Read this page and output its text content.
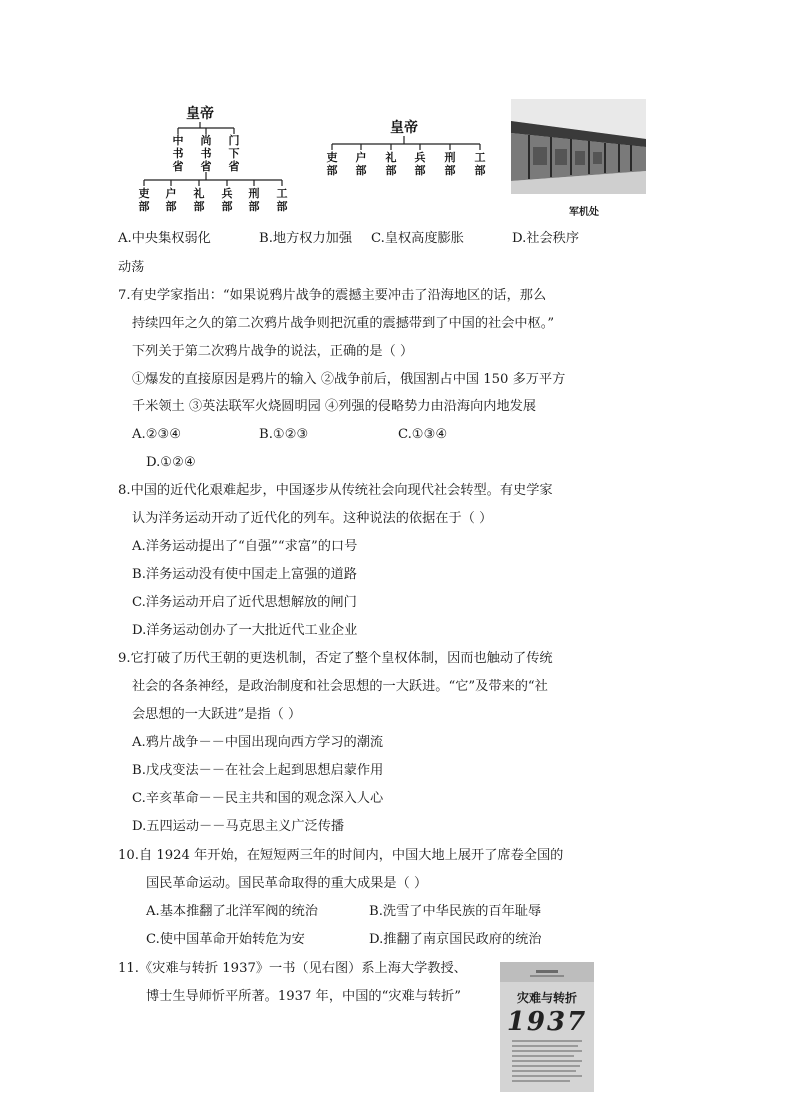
皇帝
中书省
尚书省
门下省
吏部
户部
礼部
兵部
刑部
工部
皇帝
吏部
户部
礼部
兵部
刑部
工部
军机处
A.中央集权弱化	B.地方权力加强 C.皇权高度膨胀	D.社会秩序
动荡
7.有史学家指出：“如果说鸦片战争的震撼主要冲击了沿海地区的话，那么
持续四年之久的第二次鸦片战争则把沉重的震撼带到了中国的社会中枢。”
下列关于第二次鸦片战争的说法，正确的是（ ）
①爆发的直接原因是鸦片的输入 ②战争前后，俄国割占中国 150 多万平方
千米领土 ③英法联军火烧圆明园 ④列强的侵略势力由沿海向内地发展
A.②③④	B.①②③	C.①③④
D.①②④
8.中国的近代化艰难起步，中国逐步从传统社会向现代社会转型。有史学家
认为洋务运动开动了近代化的列车。这种说法的依据在于（ ）
A.洋务运动提出了“自强”“求富”的口号
B.洋务运动没有使中国走上富强的道路
C.洋务运动开启了近代思想解放的闸门
D.洋务运动创办了一大批近代工业企业
9.它打破了历代王朝的更迭机制，否定了整个皇权体制，因而也触动了传统
社会的各条神经，是政治制度和社会思想的一大跃进。“它”及带来的“社
会思想的一大跃进”是指（ ）
A.鸦片战争－－中国出现向西方学习的潮流
B.戊戌变法－－在社会上起到思想启蒙作用
C.辛亥革命－－民主共和国的观念深入人心
D.五四运动－－马克思主义广泛传播
10.自 1924 年开始，在短短两三年的时间内，中国大地上展开了席卷全国的
国民革命运动。国民革命取得的重大成果是（ ）
A.基本推翻了北洋军阀的统治	B.洗雪了中华民族的百年耻辱
C.使中国革命开始转危为安	D.推翻了南京国民政府的统治
11.《灾难与转折 1937》一书（见右图）系上海大学教授、
博士生导师忻平所著。1937 年，中国的“灾难与转折”	灾难与转折
1937
